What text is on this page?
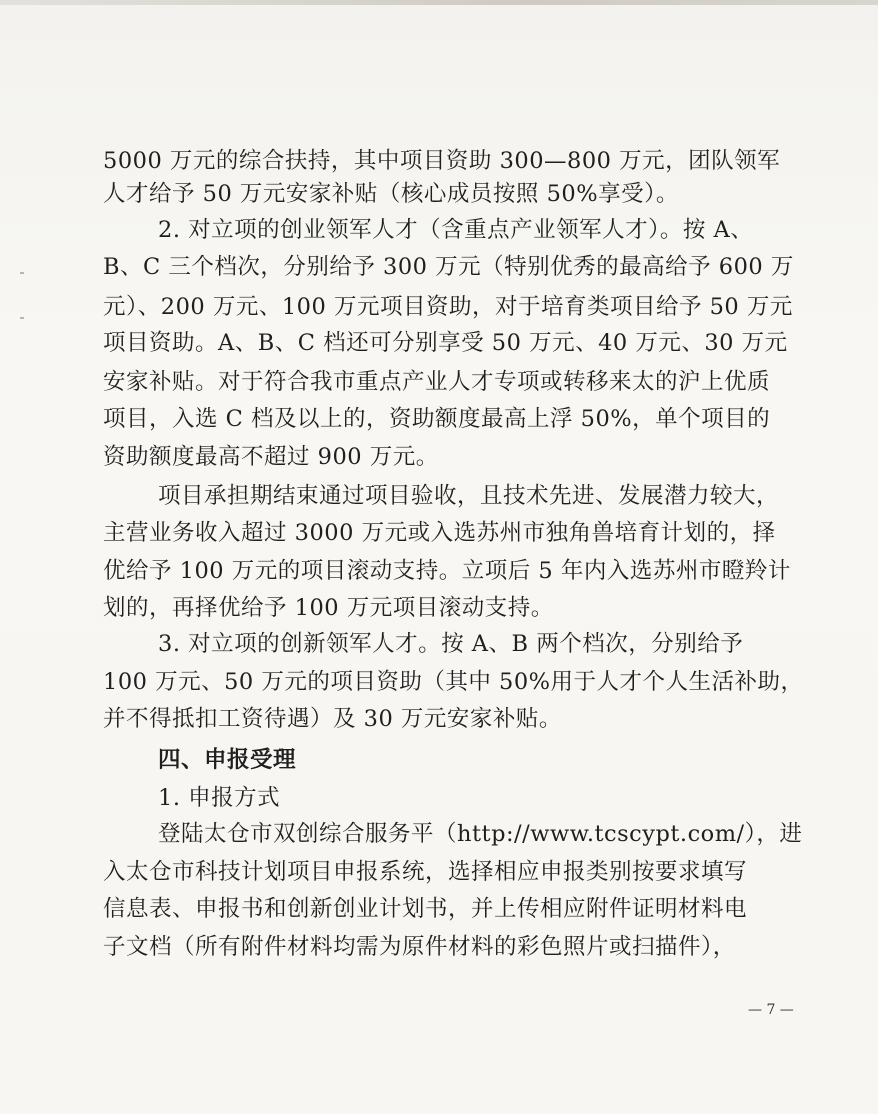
5000 万元的综合扶持，其中项目资助 300—800 万元，团队领军
人才给予 50 万元安家补贴（核心成员按照 50%享受）。
2. 对立项的创业领军人才（含重点产业领军人才）。按 A、
B、C 三个档次，分别给予 300 万元（特别优秀的最高给予 600 万
元）、200 万元、100 万元项目资助，对于培育类项目给予 50 万元
项目资助。A、B、C 档还可分别享受 50 万元、40 万元、30 万元
安家补贴。对于符合我市重点产业人才专项或转移来太的沪上优质
项目，入选 C 档及以上的，资助额度最高上浮 50%，单个项目的
资助额度最高不超过 900 万元。
项目承担期结束通过项目验收，且技术先进、发展潜力较大，
主营业务收入超过 3000 万元或入选苏州市独角兽培育计划的，择
优给予 100 万元的项目滚动支持。立项后 5 年内入选苏州市瞪羚计
划的，再择优给予 100 万元项目滚动支持。
3. 对立项的创新领军人才。按 A、B 两个档次，分别给予
100 万元、50 万元的项目资助（其中 50%用于人才个人生活补助，
并不得抵扣工资待遇）及 30 万元安家补贴。
四、申报受理
1. 申报方式
登陆太仓市双创综合服务平（http://www.tcscypt.com/），进
入太仓市科技计划项目申报系统，选择相应申报类别按要求填写
信息表、申报书和创新创业计划书，并上传相应附件证明材料电
子文档（所有附件材料均需为原件材料的彩色照片或扫描件），
— 7 —
